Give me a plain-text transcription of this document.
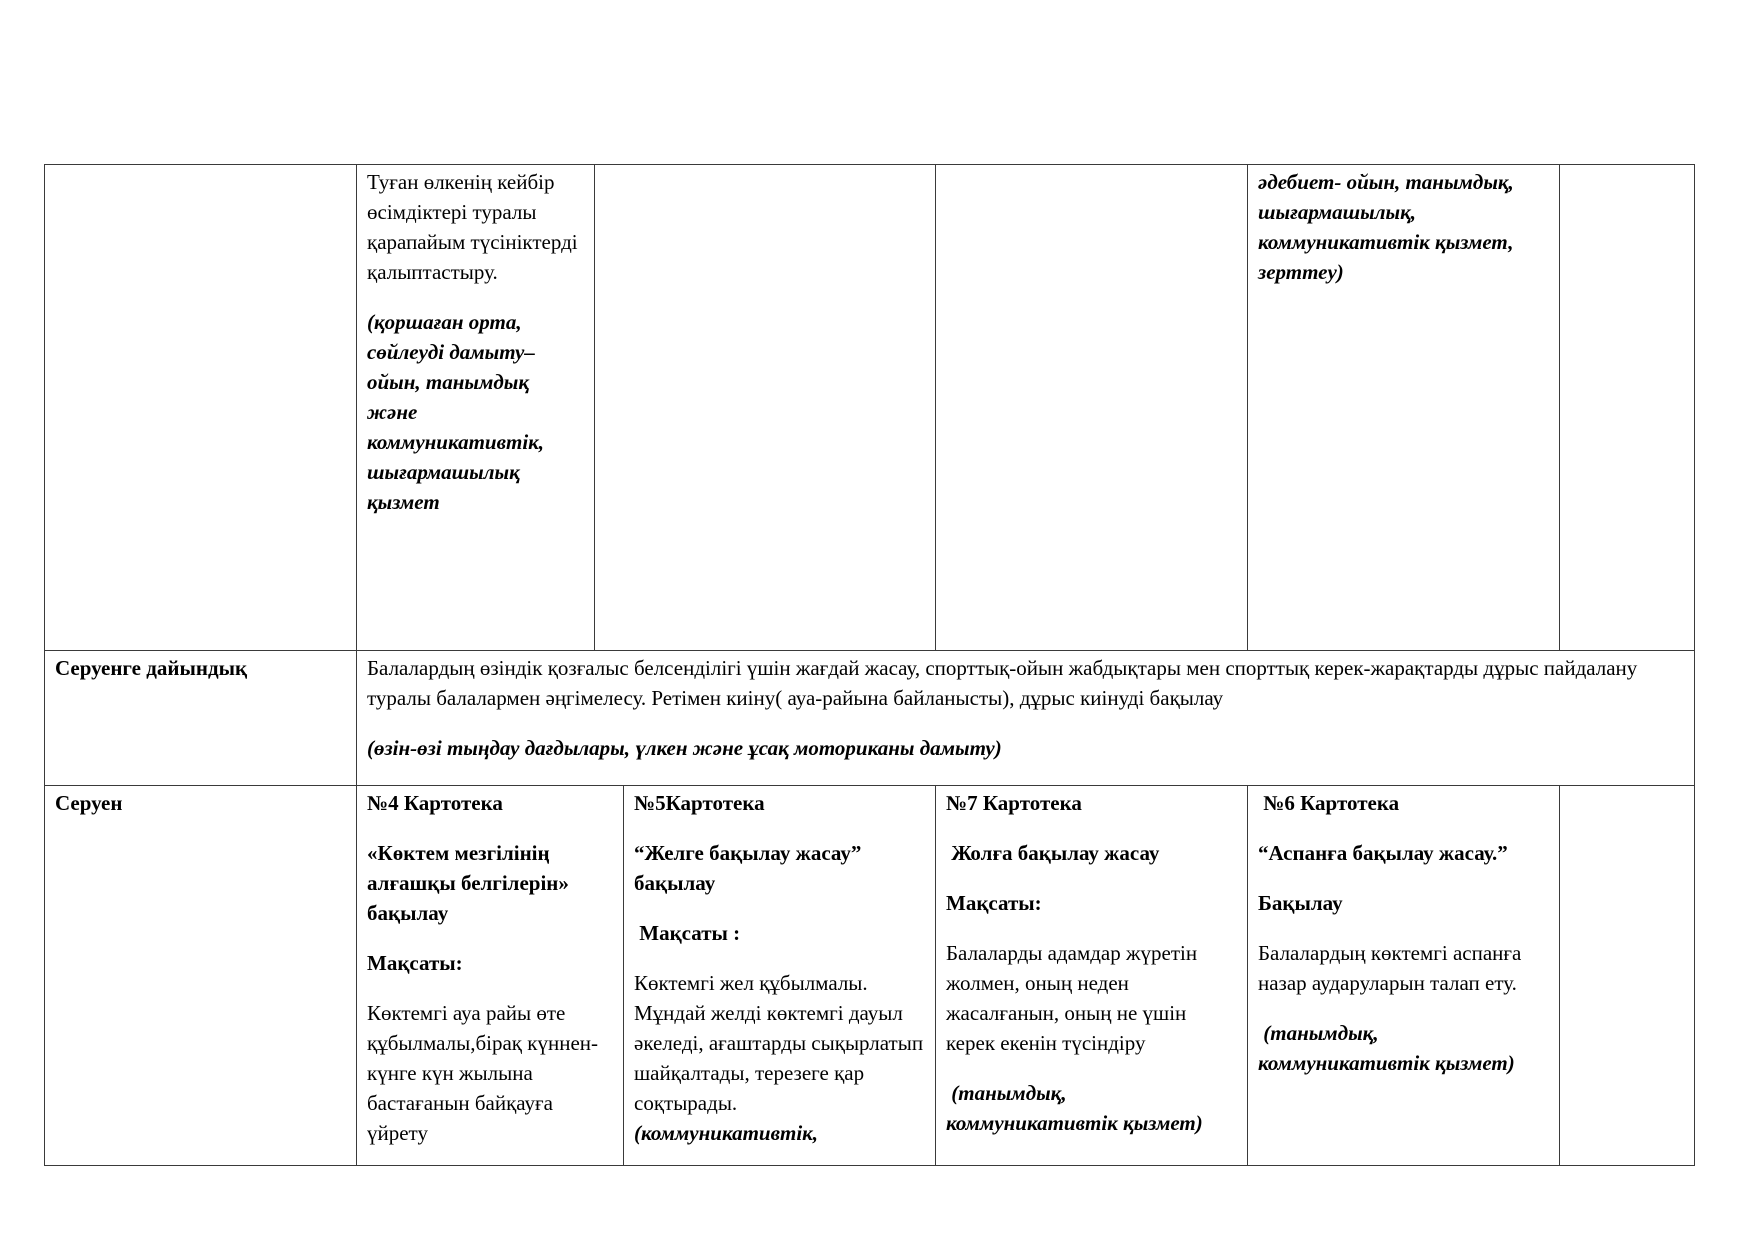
Туған өлкенің кейбір өсімдіктері туралы қарапайым түсініктерді қалыптастыру.

(қоршаған орта, сөйлеуді дамыту– ойын, танымдық және коммуникативтік, шығармашылық қызмет

әдебиет- ойын, танымдық, шығармашылық, коммуникативтік қызмет, зерттеу)

Серуенге дайындық	Балалардың өзіндік қозғалыс белсенділігі үшін жағдай жасау, спорттық-ойын жабдықтары мен спорттық керек-жарақтарды дұрыс пайдалану туралы балалармен әңгімелесу. Ретімен киіну( ауа-райына байланысты), дұрыс киінуді бақылау

(өзін-өзі тыңдау дағдылары, үлкен және ұсақ моториканы дамыту)

Серуен	№4 Картотека

«Көктем мезгілінің алғашқы белгілерін» бақылау

Мақсаты:

Көктемгі ауа райы өте құбылмалы,бірақ күннен-күнге күн жылына бастағанын байқауға үйрету

№5Картотека

“Желге бақылау жасау” бақылау

Мақсаты :

Көктемгі жел құбылмалы. Мұндай желді көктемгі дауыл әкеледі, ағаштарды сықырлатып шайқалтады, терезеге қар соқтырады.

(коммуникативтік,

№7 Картотека

Жолға бақылау жасау

Мақсаты:

Балаларды адамдар жүретін жолмен, оның неден жасалғанын, оның не үшін керек екенін түсіндіру

(танымдық, коммуникативтік қызмет)

№6 Картотека

“Аспанға бақылау жасау.”

Бақылау

Балалардың көктемгі аспанға назар аударуларын талап ету.

(танымдық, коммуникативтік қызмет)
